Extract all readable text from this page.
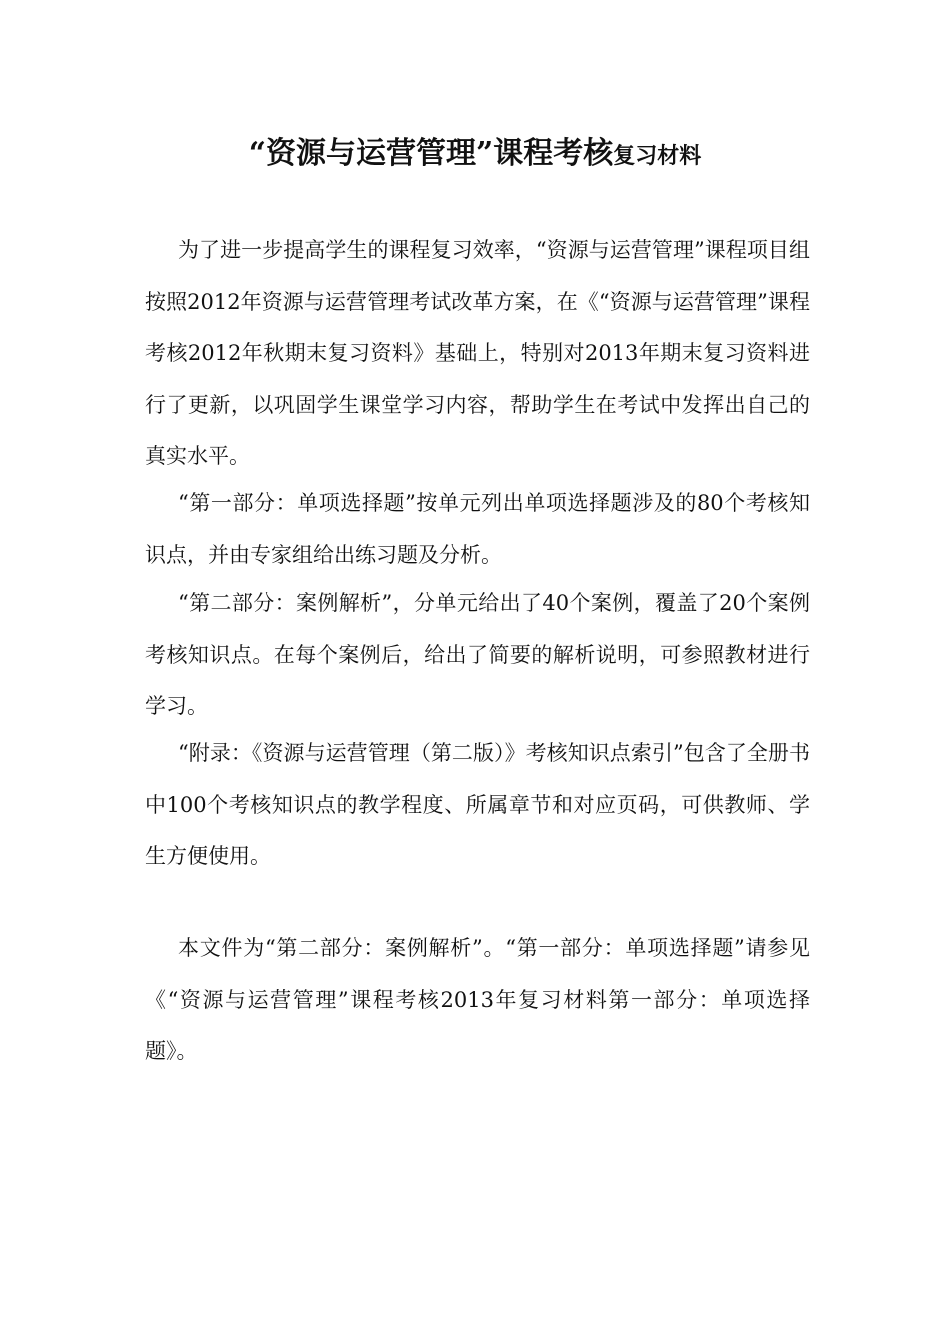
“资源与运营管理”课程考核复习材料

为了进一步提高学生的课程复习效率，“资源与运营管理”课程项目组按照2012年资源与运营管理考试改革方案，在《“资源与运营管理”课程考核2012年秋期末复习资料》基础上，特别对2013年期末复习资料进行了更新，以巩固学生课堂学习内容，帮助学生在考试中发挥出自己的真实水平。

“第一部分：单项选择题”按单元列出单项选择题涉及的80个考核知识点，并由专家组给出练习题及分析。

“第二部分：案例解析”，分单元给出了40个案例，覆盖了20个案例考核知识点。在每个案例后，给出了简要的解析说明，可参照教材进行学习。

“附录：《资源与运营管理（第二版）》考核知识点索引”包含了全册书中100个考核知识点的教学程度、所属章节和对应页码，可供教师、学生方便使用。

本文件为“第二部分：案例解析”。“第一部分：单项选择题”请参见《“资源与运营管理”课程考核2013年复习材料第一部分：单项选择题》。
